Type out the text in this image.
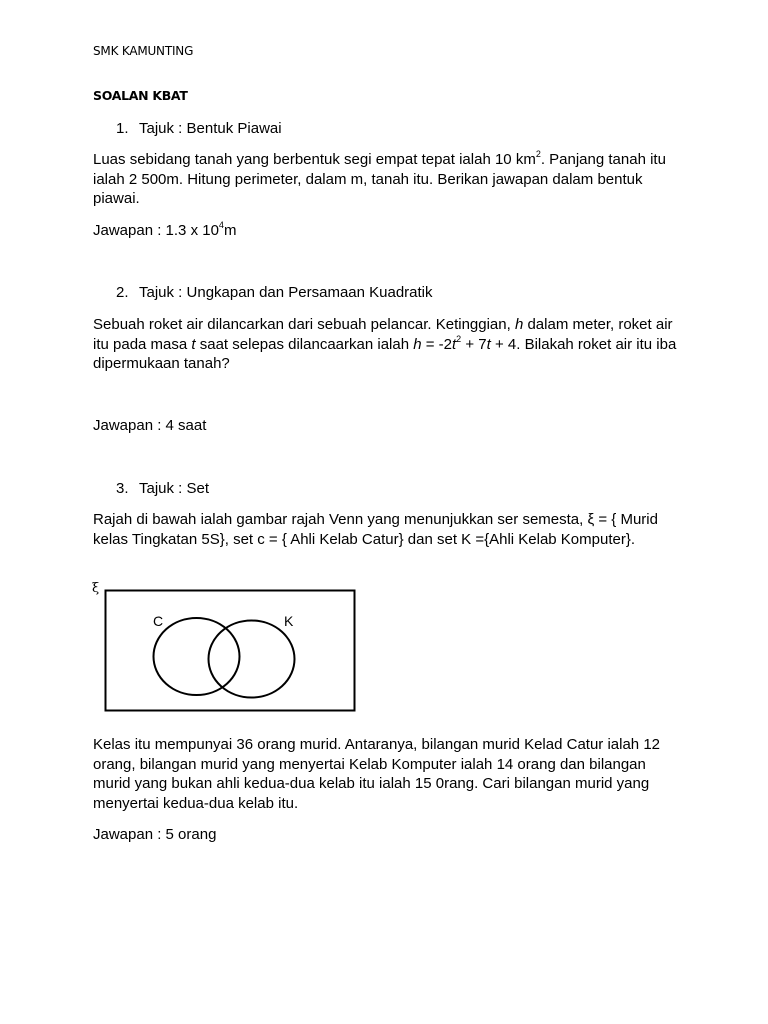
SMK KAMUNTING
SOALAN KBAT
1. Tajuk : Bentuk Piawai
Luas sebidang tanah yang berbentuk segi empat tepat ialah 10 $km^2$. Panjang tanah itu ialah 2 500m. Hitung perimeter, dalam m, tanah itu. Berikan jawapan dalam bentuk piawai.
Jawapan : 1.3 x $10^4m$
2. Tajuk : Ungkapan dan Persamaan Kuadratik
Sebuah roket air dilancarkan dari sebuah pelancar. Ketinggian, h dalam meter, roket air itu pada masa t saat selepas dilancaarkan ialah $h = -2t^2 + 7t + 4$. Bilakah roket air itu iba dipermukaan tanah?
Jawapan : 4 saat
3. Tajuk : Set
Rajah di bawah ialah gambar rajah Venn yang menunjukkan ser semesta, ξ = { Murid kelas Tingkatan 5S}, set c = { Ahli Kelab Catur} dan set K ={Ahli Kelab Komputer}.
ξ
C	K
Kelas itu mempunyai 36 orang murid. Antaranya, bilangan murid Kelad Catur ialah 12 orang, bilangan murid yang menyertai Kelab Komputer ialah 14 orang dan bilangan murid yang bukan ahli kedua-dua kelab itu ialah 15 0rang. Cari bilangan murid yang menyertai kedua-dua kelab itu.
Jawapan : 5 orang
